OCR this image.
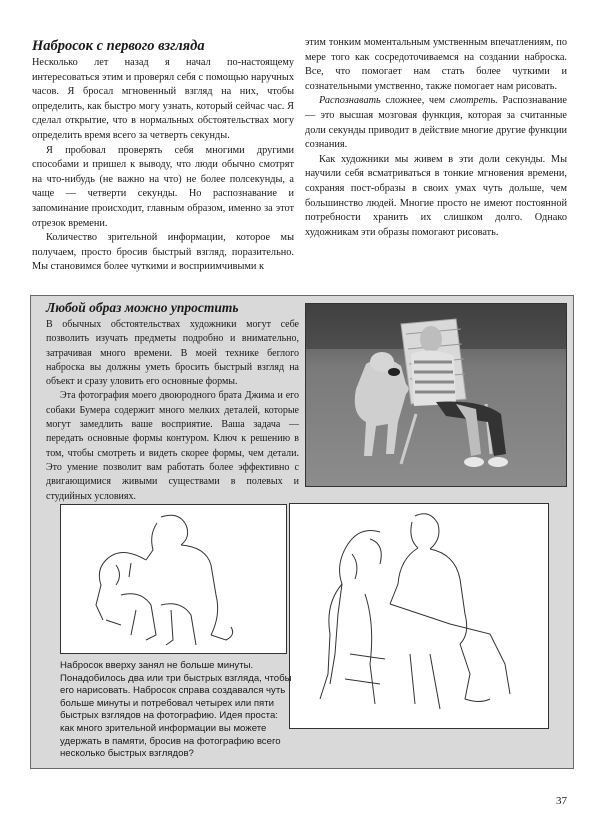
Набросок с первого взгляда

Несколько лет назад я начал по-настоящему интересоваться этим и проверял себя с помощью наручных часов. Я бросал мгновенный взгляд на них, чтобы определить, как быстро могу узнать, который сейчас час. Я сделал открытие, что в нормальных обстоятельствах могу определить время всего за четверть секунды.

Я пробовал проверять себя многими другими способами и пришел к выводу, что люди обычно смотрят на что-нибудь (не важно на что) не более полсекунды, а чаще — четверти секунды. Но распознавание и запоминание происходит, главным образом, именно за этот отрезок времени.

Количество зрительной информации, которое мы получаем, просто бросив быстрый взгляд, поразительно. Мы становимся более чуткими и восприимчивыми к

этим тонким моментальным умственным впечатлениям, по мере того как сосредоточиваемся на создании наброска. Все, что помогает нам стать более чуткими и сознательными умственно, также помогает нам рисовать.

Распознавать сложнее, чем смотреть. Распознавание — это высшая мозговая функция, которая за считанные доли секунды приводит в действие многие другие функции сознания.

Как художники мы живем в эти доли секунды. Мы научили себя всматриваться в тонкие мгновения времени, сохраняя пост-образы в своих умах чуть дольше, чем большинство людей. Многие просто не имеют постоянной потребности хранить их слишком долго. Однако художникам эти образы помогают рисовать.

Любой образ можно упростить

В обычных обстоятельствах художники могут себе позволить изучать предметы подробно и внимательно, затрачивая много времени. В моей технике беглого наброска вы должны уметь бросить быстрый взгляд на объект и сразу уловить его основные формы.

Эта фотография моего двоюродного брата Джима и его собаки Бумера содержит много мелких деталей, которые могут замедлить ваше восприятие. Ваша задача — передать основные формы контуром. Ключ к решению в том, чтобы смотреть и видеть скорее формы, чем детали. Это умение позволит вам работать более эффективно с двигающимися живыми существами в полевых и студийных условиях.

Набросок вверху занял не больше минуты. Понадобилось два или три быстрых взгляда, чтобы его нарисовать. Набросок справа создавался чуть больше минуты и потребовал четырех или пяти быстрых взглядов на фотографию. Идея проста: как много зрительной информации вы можете удержать в памяти, бросив на фотографию всего несколько быстрых взглядов?
37
